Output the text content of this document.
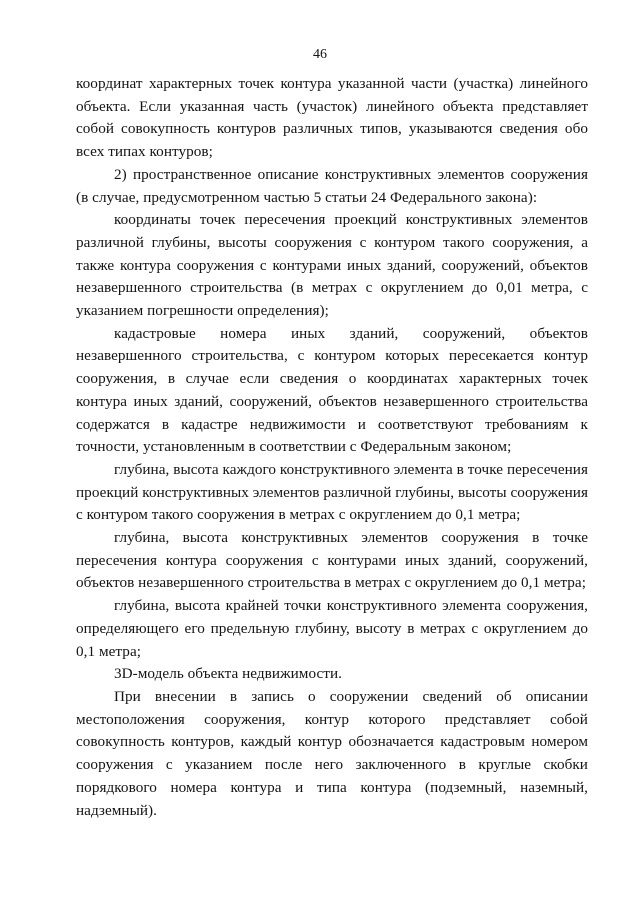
46

координат характерных точек контура указанной части (участка) линейного объекта. Если указанная часть (участок) линейного объекта представляет собой совокупность контуров различных типов, указываются сведения обо всех типах контуров;

2) пространственное описание конструктивных элементов сооружения (в случае, предусмотренном частью 5 статьи 24 Федерального закона):

координаты точек пересечения проекций конструктивных элементов различной глубины, высоты сооружения с контуром такого сооружения, а также контура сооружения с контурами иных зданий, сооружений, объектов незавершенного строительства (в метрах с округлением до 0,01 метра, с указанием погрешности определения);

кадастровые номера иных зданий, сооружений, объектов незавершенного строительства, с контуром которых пересекается контур сооружения, в случае если сведения о координатах характерных точек контура иных зданий, сооружений, объектов незавершенного строительства содержатся в кадастре недвижимости и соответствуют требованиям к точности, установленным в соответствии с Федеральным законом;

глубина, высота каждого конструктивного элемента в точке пересечения проекций конструктивных элементов различной глубины, высоты сооружения с контуром такого сооружения в метрах с округлением до 0,1 метра;

глубина, высота конструктивных элементов сооружения в точке пересечения контура сооружения с контурами иных зданий, сооружений, объектов незавершенного строительства в метрах с округлением до 0,1 метра;

глубина, высота крайней точки конструктивного элемента сооружения, определяющего его предельную глубину, высоту в метрах с округлением до 0,1 метра;

3D-модель объекта недвижимости.

При внесении в запись о сооружении сведений об описании местоположения сооружения, контур которого представляет собой совокупность контуров, каждый контур обозначается кадастровым номером сооружения с указанием после него заключенного в круглые скобки порядкового номера контура и типа контура (подземный, наземный, надземный).
